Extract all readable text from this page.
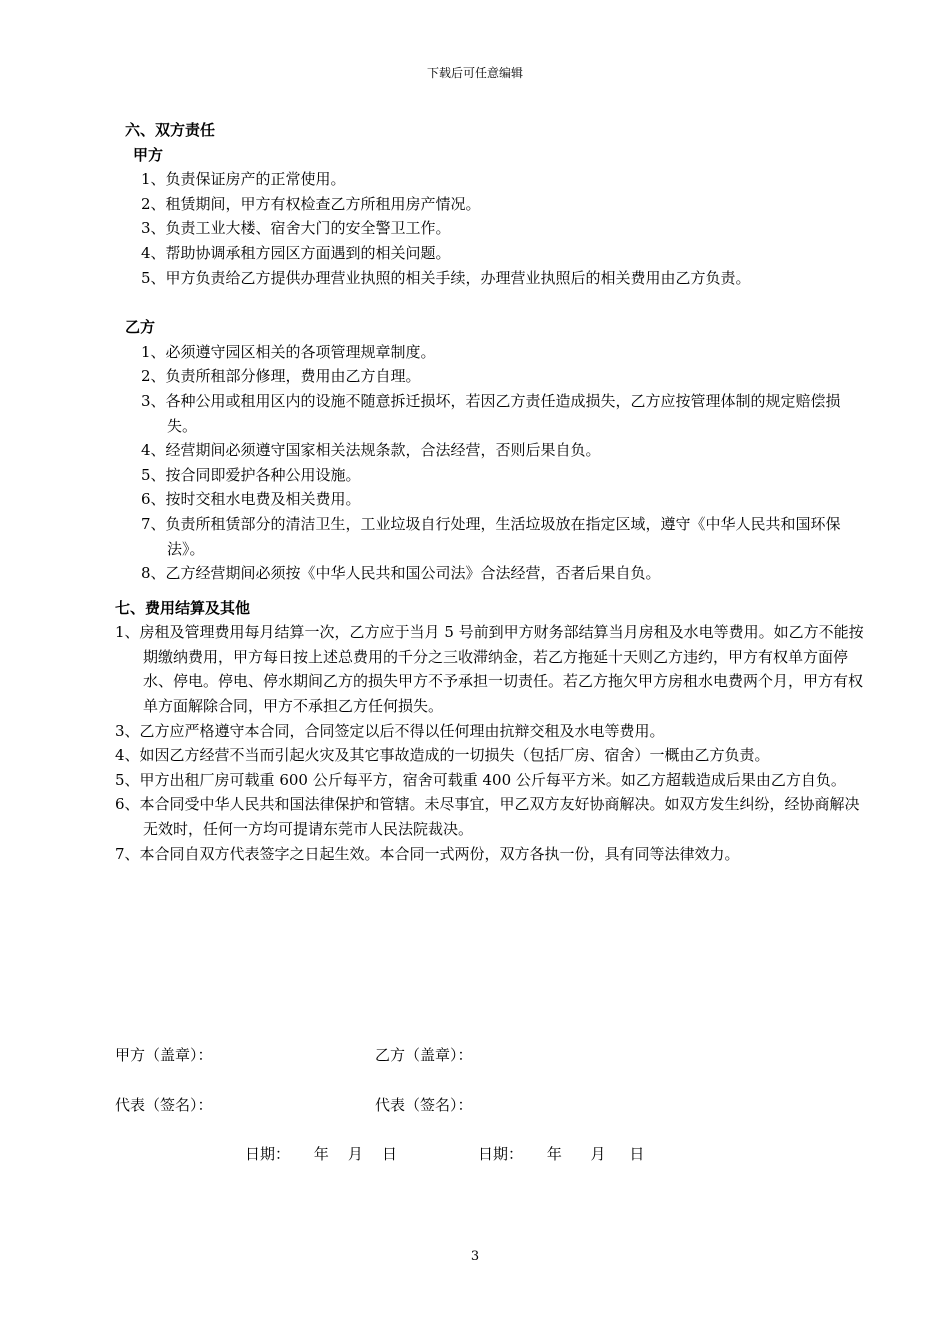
下载后可任意编辑
六、双方责任
甲方
1、负责保证房产的正常使用。
2、租赁期间，甲方有权检查乙方所租用房产情况。
3、负责工业大楼、宿舍大门的安全警卫工作。
4、帮助协调承租方园区方面遇到的相关问题。
5、甲方负责给乙方提供办理营业执照的相关手续，办理营业执照后的相关费用由乙方负责。
乙方
1、必须遵守园区相关的各项管理规章制度。
2、负责所租部分修理，费用由乙方自理。
3、各种公用或租用区内的设施不随意拆迁损坏，若因乙方责任造成损失，乙方应按管理体制的规定赔偿损失。
4、经营期间必须遵守国家相关法规条款，合法经营，否则后果自负。
5、按合同即爱护各种公用设施。
6、按时交租水电费及相关费用。
7、负责所租赁部分的清洁卫生，工业垃圾自行处理，生活垃圾放在指定区域，遵守《中华人民共和国环保法》。
8、乙方经营期间必须按《中华人民共和国公司法》合法经营，否者后果自负。
七、费用结算及其他
1、房租及管理费用每月结算一次，乙方应于当月 5 号前到甲方财务部结算当月房租及水电等费用。如乙方不能按期缴纳费用，甲方每日按上述总费用的千分之三收滞纳金，若乙方拖延十天则乙方违约，甲方有权单方面停水、停电。停电、停水期间乙方的损失甲方不予承担一切责任。若乙方拖欠甲方房租水电费两个月，甲方有权单方面解除合同，甲方不承担乙方任何损失。
3、乙方应严格遵守本合同，合同签定以后不得以任何理由抗辩交租及水电等费用。
4、如因乙方经营不当而引起火灾及其它事故造成的一切损失（包括厂房、宿舍）一概由乙方负责。
5、甲方出租厂房可载重 600 公斤每平方，宿舍可载重 400 公斤每平方米。如乙方超载造成后果由乙方自负。
6、本合同受中华人民共和国法律保护和管辖。未尽事宜，甲乙双方友好协商解决。如双方发生纠纷，经协商解决无效时，任何一方均可提请东莞市人民法院裁决。
7、本合同自双方代表签字之日起生效。本合同一式两份，双方各执一份，具有同等法律效力。
甲方（盖章）：	乙方（盖章）：
代表（签名）：	代表（签名）：
日期：     年    月    日                 日期：     年      月     日
3
